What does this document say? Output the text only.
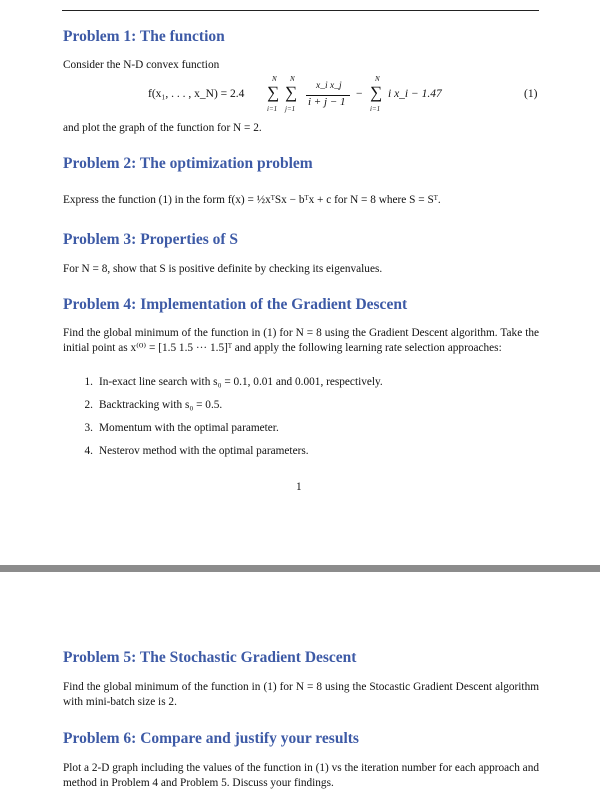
Problem 1: The function
Consider the N-D convex function
f(x₁, . . . , x_N) = 2.4
N
∑
i=1
N
∑
j=1
x_i x_j
i + j − 1
−
N
∑
i=1
i x_i − 1.47	(1)
and plot the graph of the function for N = 2.
Problem 2: The optimization problem
Express the function (1) in the form f(x) = ½xᵀSx − bᵀx + c for N = 8 where S = Sᵀ.
Problem 3: Properties of S
For N = 8, show that S is positive definite by checking its eigenvalues.
Problem 4: Implementation of the Gradient Descent
Find the global minimum of the function in (1) for N = 8 using the Gradient Descent algorithm. Take the initial point as x⁽⁰⁾ = [1.5 1.5 ··· 1.5]ᵀ and apply the following learning rate selection approaches:
1. In-exact line search with s₀ = 0.1, 0.01 and 0.001, respectively.
2. Backtracking with s₀ = 0.5.
3. Momentum with the optimal parameter.
4. Nesterov method with the optimal parameters.
1
Problem 5: The Stochastic Gradient Descent
Find the global minimum of the function in (1) for N = 8 using the Stocastic Gradient Descent algorithm with mini-batch size is 2.
Problem 6: Compare and justify your results
Plot a 2-D graph including the values of the function in (1) vs the iteration number for each approach and method in Problem 4 and Problem 5. Discuss your findings.
